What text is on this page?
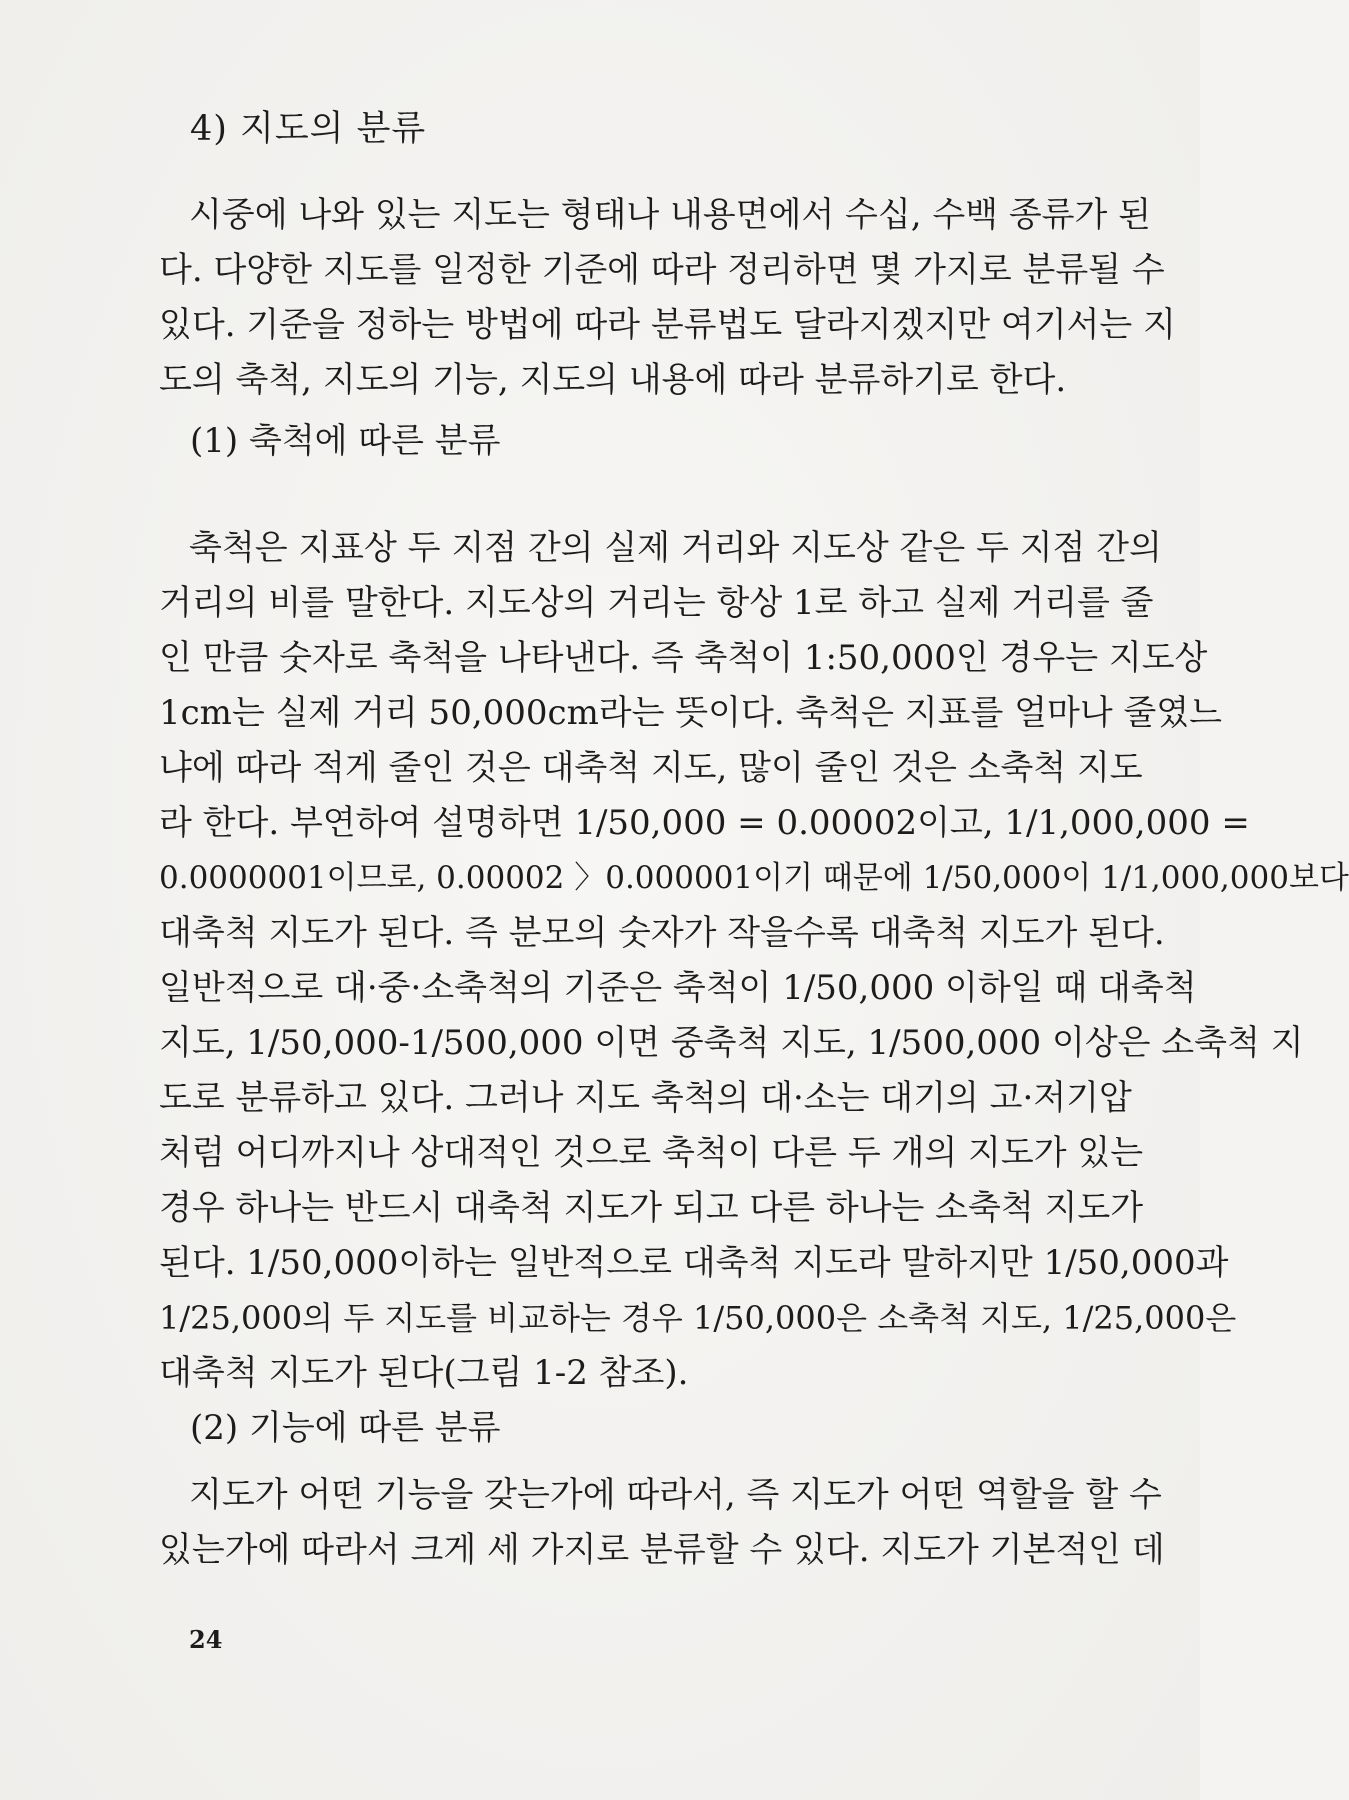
4) 지도의 분류
시중에 나와 있는 지도는 형태나 내용면에서 수십, 수백 종류가 된
다. 다양한 지도를 일정한 기준에 따라 정리하면 몇 가지로 분류될 수
있다. 기준을 정하는 방법에 따라 분류법도 달라지겠지만 여기서는 지
도의 축척, 지도의 기능, 지도의 내용에 따라 분류하기로 한다.
(1) 축척에 따른 분류
축척은 지표상 두 지점 간의 실제 거리와 지도상 같은 두 지점 간의
거리의 비를 말한다. 지도상의 거리는 항상 1로 하고 실제 거리를 줄
인 만큼 숫자로 축척을 나타낸다. 즉 축척이 1:50,000인 경우는 지도상
1cm는 실제 거리 50,000cm라는 뜻이다. 축척은 지표를 얼마나 줄였느
냐에 따라 적게 줄인 것은 대축척 지도, 많이 줄인 것은 소축척 지도
라 한다. 부연하여 설명하면 1/50,000 = 0.00002이고, 1/1,000,000 =
0.0000001이므로, 0.00002 〉0.000001이기 때문에 1/50,000이 1/1,000,000보다
대축척 지도가 된다. 즉 분모의 숫자가 작을수록 대축척 지도가 된다.
일반적으로 대·중·소축척의 기준은 축척이 1/50,000 이하일 때 대축척
지도, 1/50,000-1/500,000 이면 중축척 지도, 1/500,000 이상은 소축척 지
도로 분류하고 있다. 그러나 지도 축척의 대·소는 대기의 고·저기압
처럼 어디까지나 상대적인 것으로 축척이 다른 두 개의 지도가 있는
경우 하나는 반드시 대축척 지도가 되고 다른 하나는 소축척 지도가
된다. 1/50,000이하는 일반적으로 대축척 지도라 말하지만 1/50,000과
1/25,000의 두 지도를 비교하는 경우 1/50,000은 소축척 지도, 1/25,000은
대축척 지도가 된다(그림 1-2 참조).
(2) 기능에 따른 분류
지도가 어떤 기능을 갖는가에 따라서, 즉 지도가 어떤 역할을 할 수
있는가에 따라서 크게 세 가지로 분류할 수 있다. 지도가 기본적인 데
24
